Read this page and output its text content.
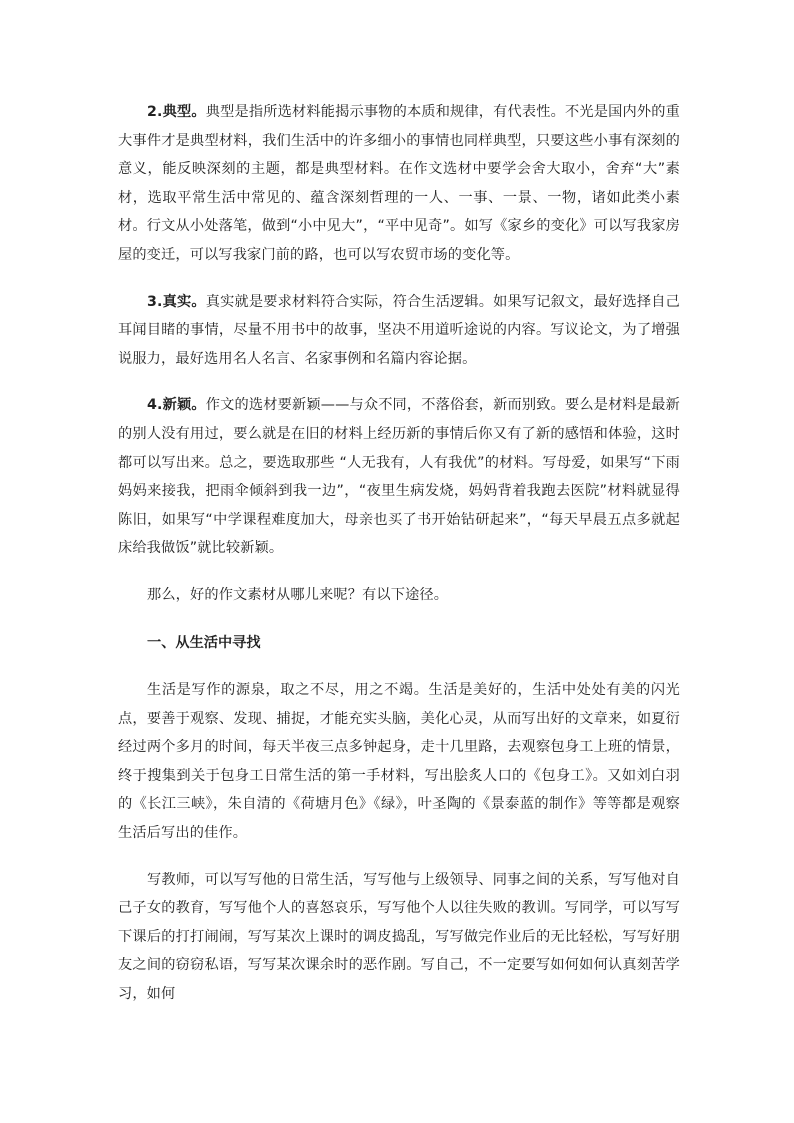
2.典型。典型是指所选材料能揭示事物的本质和规律，有代表性。不光是国内外的重大事件才是典型材料，我们生活中的许多细小的事情也同样典型，只要这些小事有深刻的意义，能反映深刻的主题，都是典型材料。在作文选材中要学会舍大取小，舍弃“大”素材，选取平常生活中常见的、蕴含深刻哲理的一人、一事、一景、一物，诸如此类小素材。行文从小处落笔，做到“小中见大”，“平中见奇”。如写《家乡的变化》可以写我家房屋的变迁，可以写我家门前的路，也可以写农贸市场的变化等。

3.真实。真实就是要求材料符合实际，符合生活逻辑。如果写记叙文，最好选择自己耳闻目睹的事情，尽量不用书中的故事，坚决不用道听途说的内容。写议论文，为了增强说服力，最好选用名人名言、名家事例和名篇内容论据。

4.新颖。作文的选材要新颖——与众不同，不落俗套，新而别致。要么是材料是最新的别人没有用过，要么就是在旧的材料上经历新的事情后你又有了新的感悟和体验，这时都可以写出来。总之，要选取那些 “人无我有，人有我优”的材料。写母爱，如果写“下雨妈妈来接我，把雨伞倾斜到我一边”，“夜里生病发烧，妈妈背着我跑去医院”材料就显得陈旧，如果写“中学课程难度加大，母亲也买了书开始钻研起来”，“每天早晨五点多就起床给我做饭”就比较新颖。

那么，好的作文素材从哪儿来呢？有以下途径。

一、从生活中寻找

生活是写作的源泉，取之不尽，用之不竭。生活是美好的，生活中处处有美的闪光点，要善于观察、发现、捕捉，才能充实头脑，美化心灵，从而写出好的文章来，如夏衍经过两个多月的时间，每天半夜三点多钟起身，走十几里路，去观察包身工上班的情景，终于搜集到关于包身工日常生活的第一手材料，写出脍炙人口的《包身工》。又如刘白羽的《长江三峡》，朱自清的《荷塘月色》《绿》，叶圣陶的《景泰蓝的制作》等等都是观察生活后写出的佳作。

写教师，可以写写他的日常生活，写写他与上级领导、同事之间的关系，写写他对自己子女的教育，写写他个人的喜怒哀乐，写写他个人以往失败的教训。写同学，可以写写下课后的打打闹闹，写写某次上课时的调皮捣乱，写写做完作业后的无比轻松，写写好朋友之间的窃窃私语，写写某次课余时的恶作剧。写自己，不一定要写如何如何认真刻苦学习，如何
